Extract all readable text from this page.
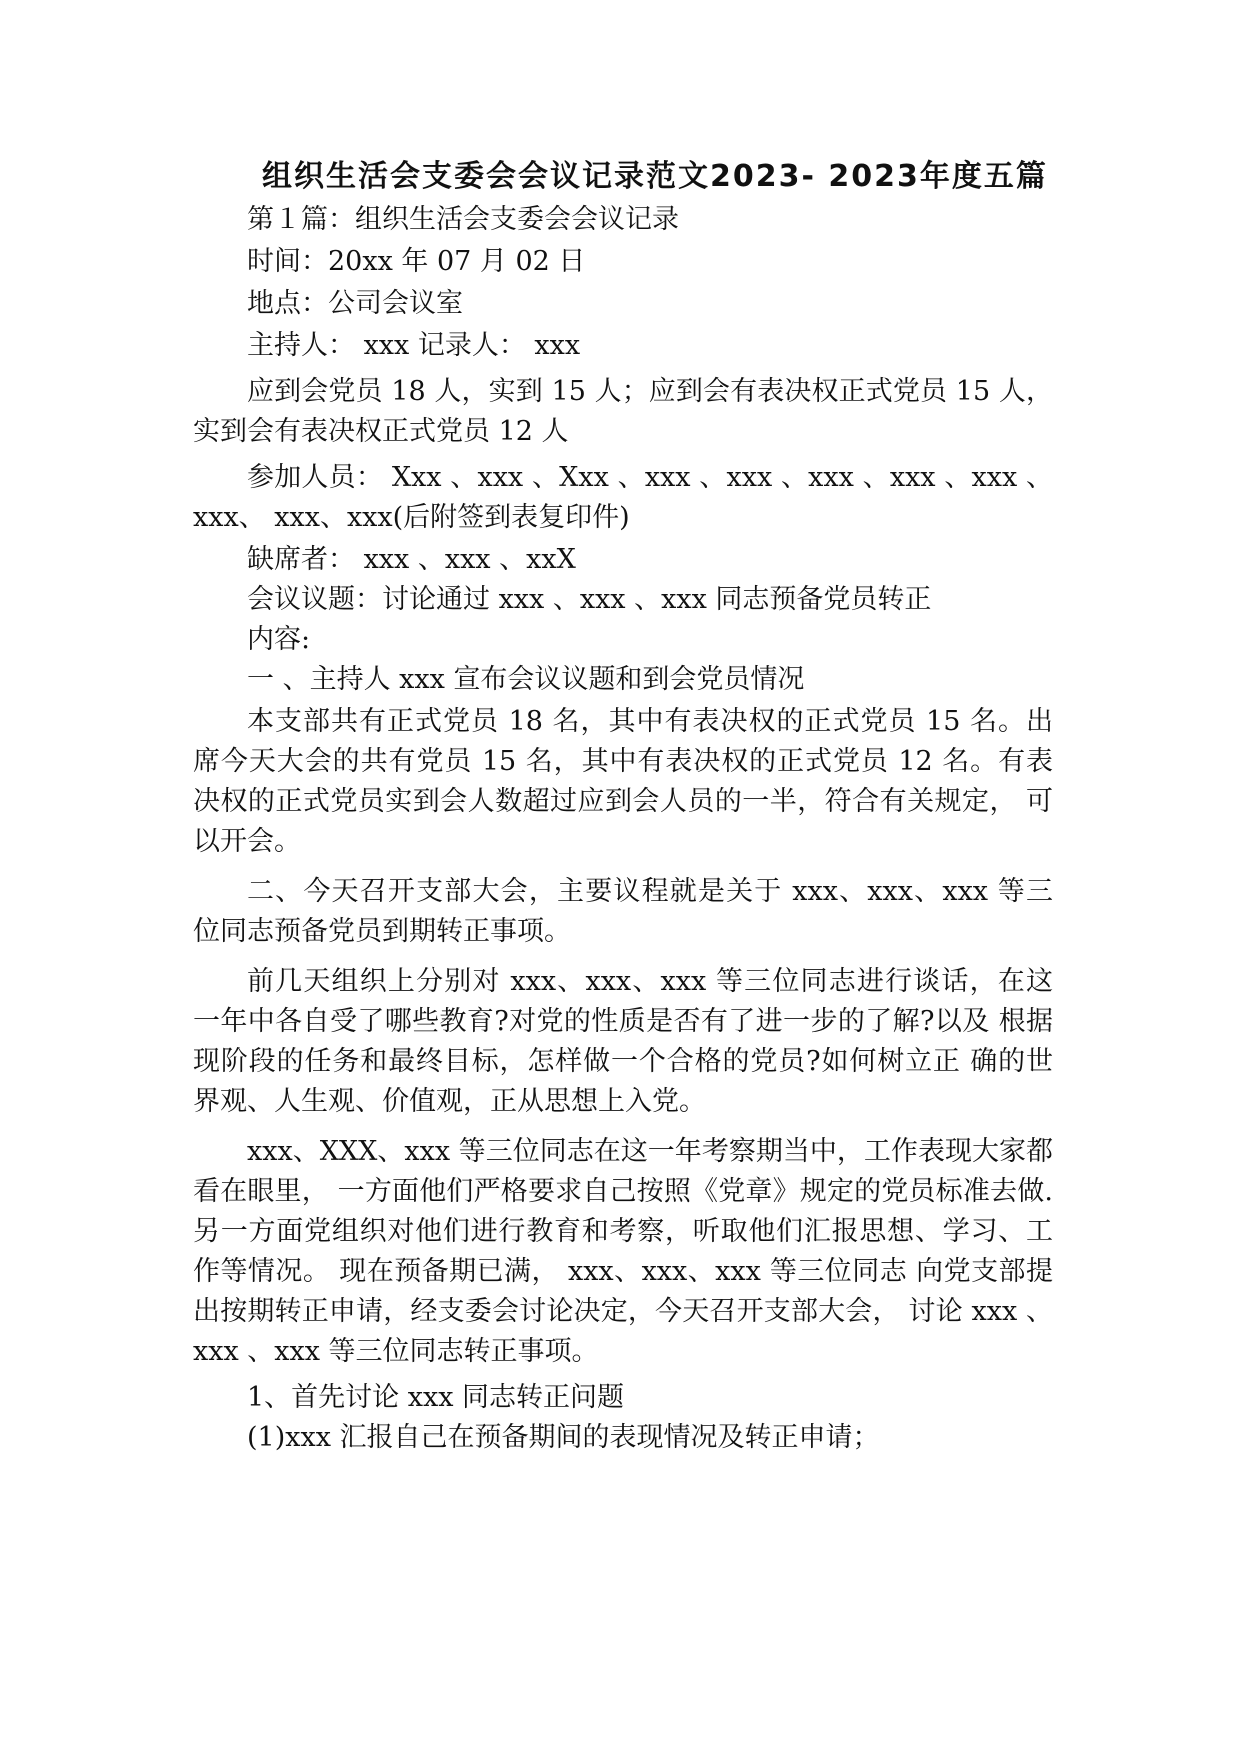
组织生活会支委会会议记录范文2023- 2023年度五篇

第１篇：组织生活会支委会会议记录

时间：20xx 年 07 月 02 日

地点：公司会议室

主持人： xxx 记录人： xxx

应到会党员 18 人，实到 15 人；应到会有表决权正式党员 15 人， 实到会有表决权正式党员 12 人

参加人员： Xxx 、xxx 、Xxx 、xxx 、xxx 、xxx 、xxx 、xxx 、xxx、 xxx、xxx(后附签到表复印件)

缺席者： xxx 、xxx 、xxX

会议议题：讨论通过 xxx 、xxx 、xxx 同志预备党员转正

内容:

一 、主持人 xxx 宣布会议议题和到会党员情况

本支部共有正式党员 18 名，其中有表决权的正式党员 15 名。出 席今天大会的共有党员 15 名，其中有表决权的正式党员 12 名。有表 决权的正式党员实到会人数超过应到会人员的一半，符合有关规定， 可以开会。

二、今天召开支部大会，主要议程就是关于 xxx、xxx、xxx 等三 位同志预备党员到期转正事项。

前几天组织上分别对 xxx、xxx、xxx 等三位同志进行谈话，在这 一年中各自受了哪些教育?对党的性质是否有了进一步的了解?以及 根据现阶段的任务和最终目标，怎样做一个合格的党员?如何树立正 确的世界观、人生观、价值观，正从思想上入党。

xxx、XXX、xxx 等三位同志在这一年考察期当中，工作表现大家都看在眼里， 一方面他们严格要求自己按照《党章》规定的党员标准去做. 另一方面党组织对他们进行教育和考察，听取他们汇报思想、学习、工作等情况。 现在预备期已满， xxx、xxx、xxx 等三位同志 向党支部提出按期转正申请，经支委会讨论决定，今天召开支部大会， 讨论 xxx 、xxx 、xxx 等三位同志转正事项。

1、首先讨论 xxx 同志转正问题

(1)xxx 汇报自己在预备期间的表现情况及转正申请；
